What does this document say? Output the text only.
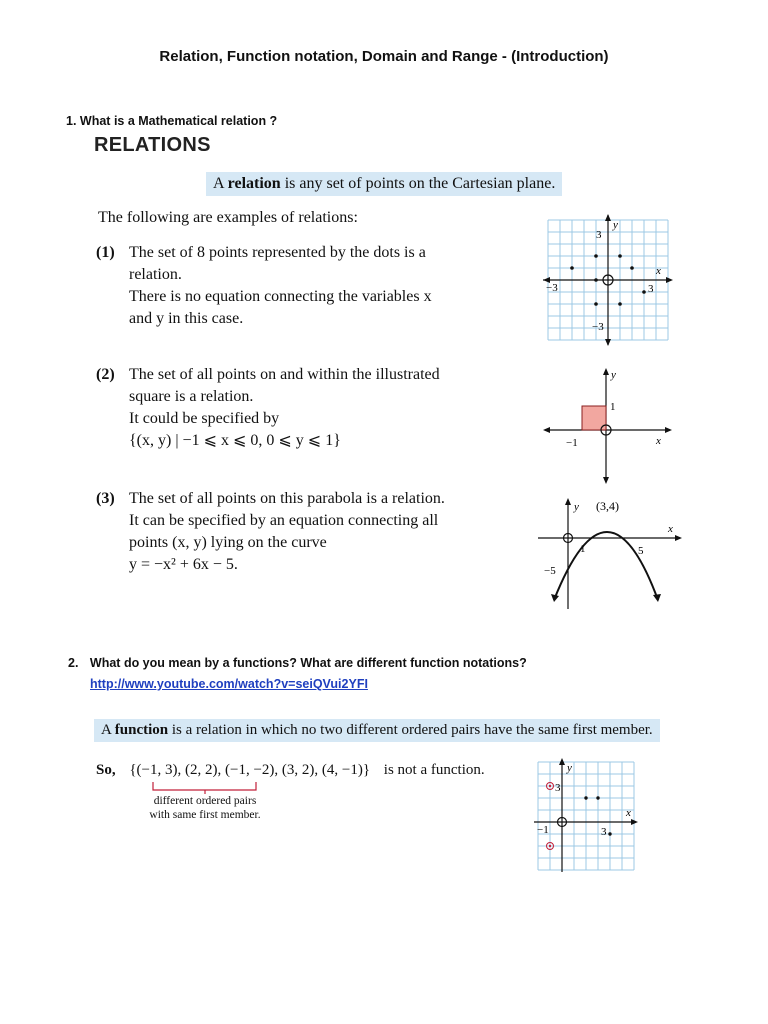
Relation, Function notation, Domain and Range - (Introduction)
1. What is a Mathematical relation ?
RELATIONS
A relation is any set of points on the Cartesian plane.
The following are examples of relations:
(1) The set of 8 points represented by the dots is a
relation.
There is no equation connecting the variables x
and y in this case.
(2) The set of all points on and within the illustrated
square is a relation.
It could be specified by
{(x, y) | −1 ⩽ x ⩽ 0, 0 ⩽ y ⩽ 1}
(3) The set of all points on this parabola is a relation.
It can be specified by an equation connecting all
points (x, y) lying on the curve
y = −x² + 6x − 5.
3
y
x
−3	3
−3
y
1
−1	x
y (3,4)
x
1	5
−5
2. What do you mean by a functions? What are different function notations?
http://www.youtube.com/watch?v=seiQVui2YFI
A function is a relation in which no two different ordered pairs have the same first member.
So, {(−1, 3), (2, 2), (−1, −2), (3, 2), (4, −1)} is not a function.
different ordered pairs
with same first member.
3
y
x
−1	3
